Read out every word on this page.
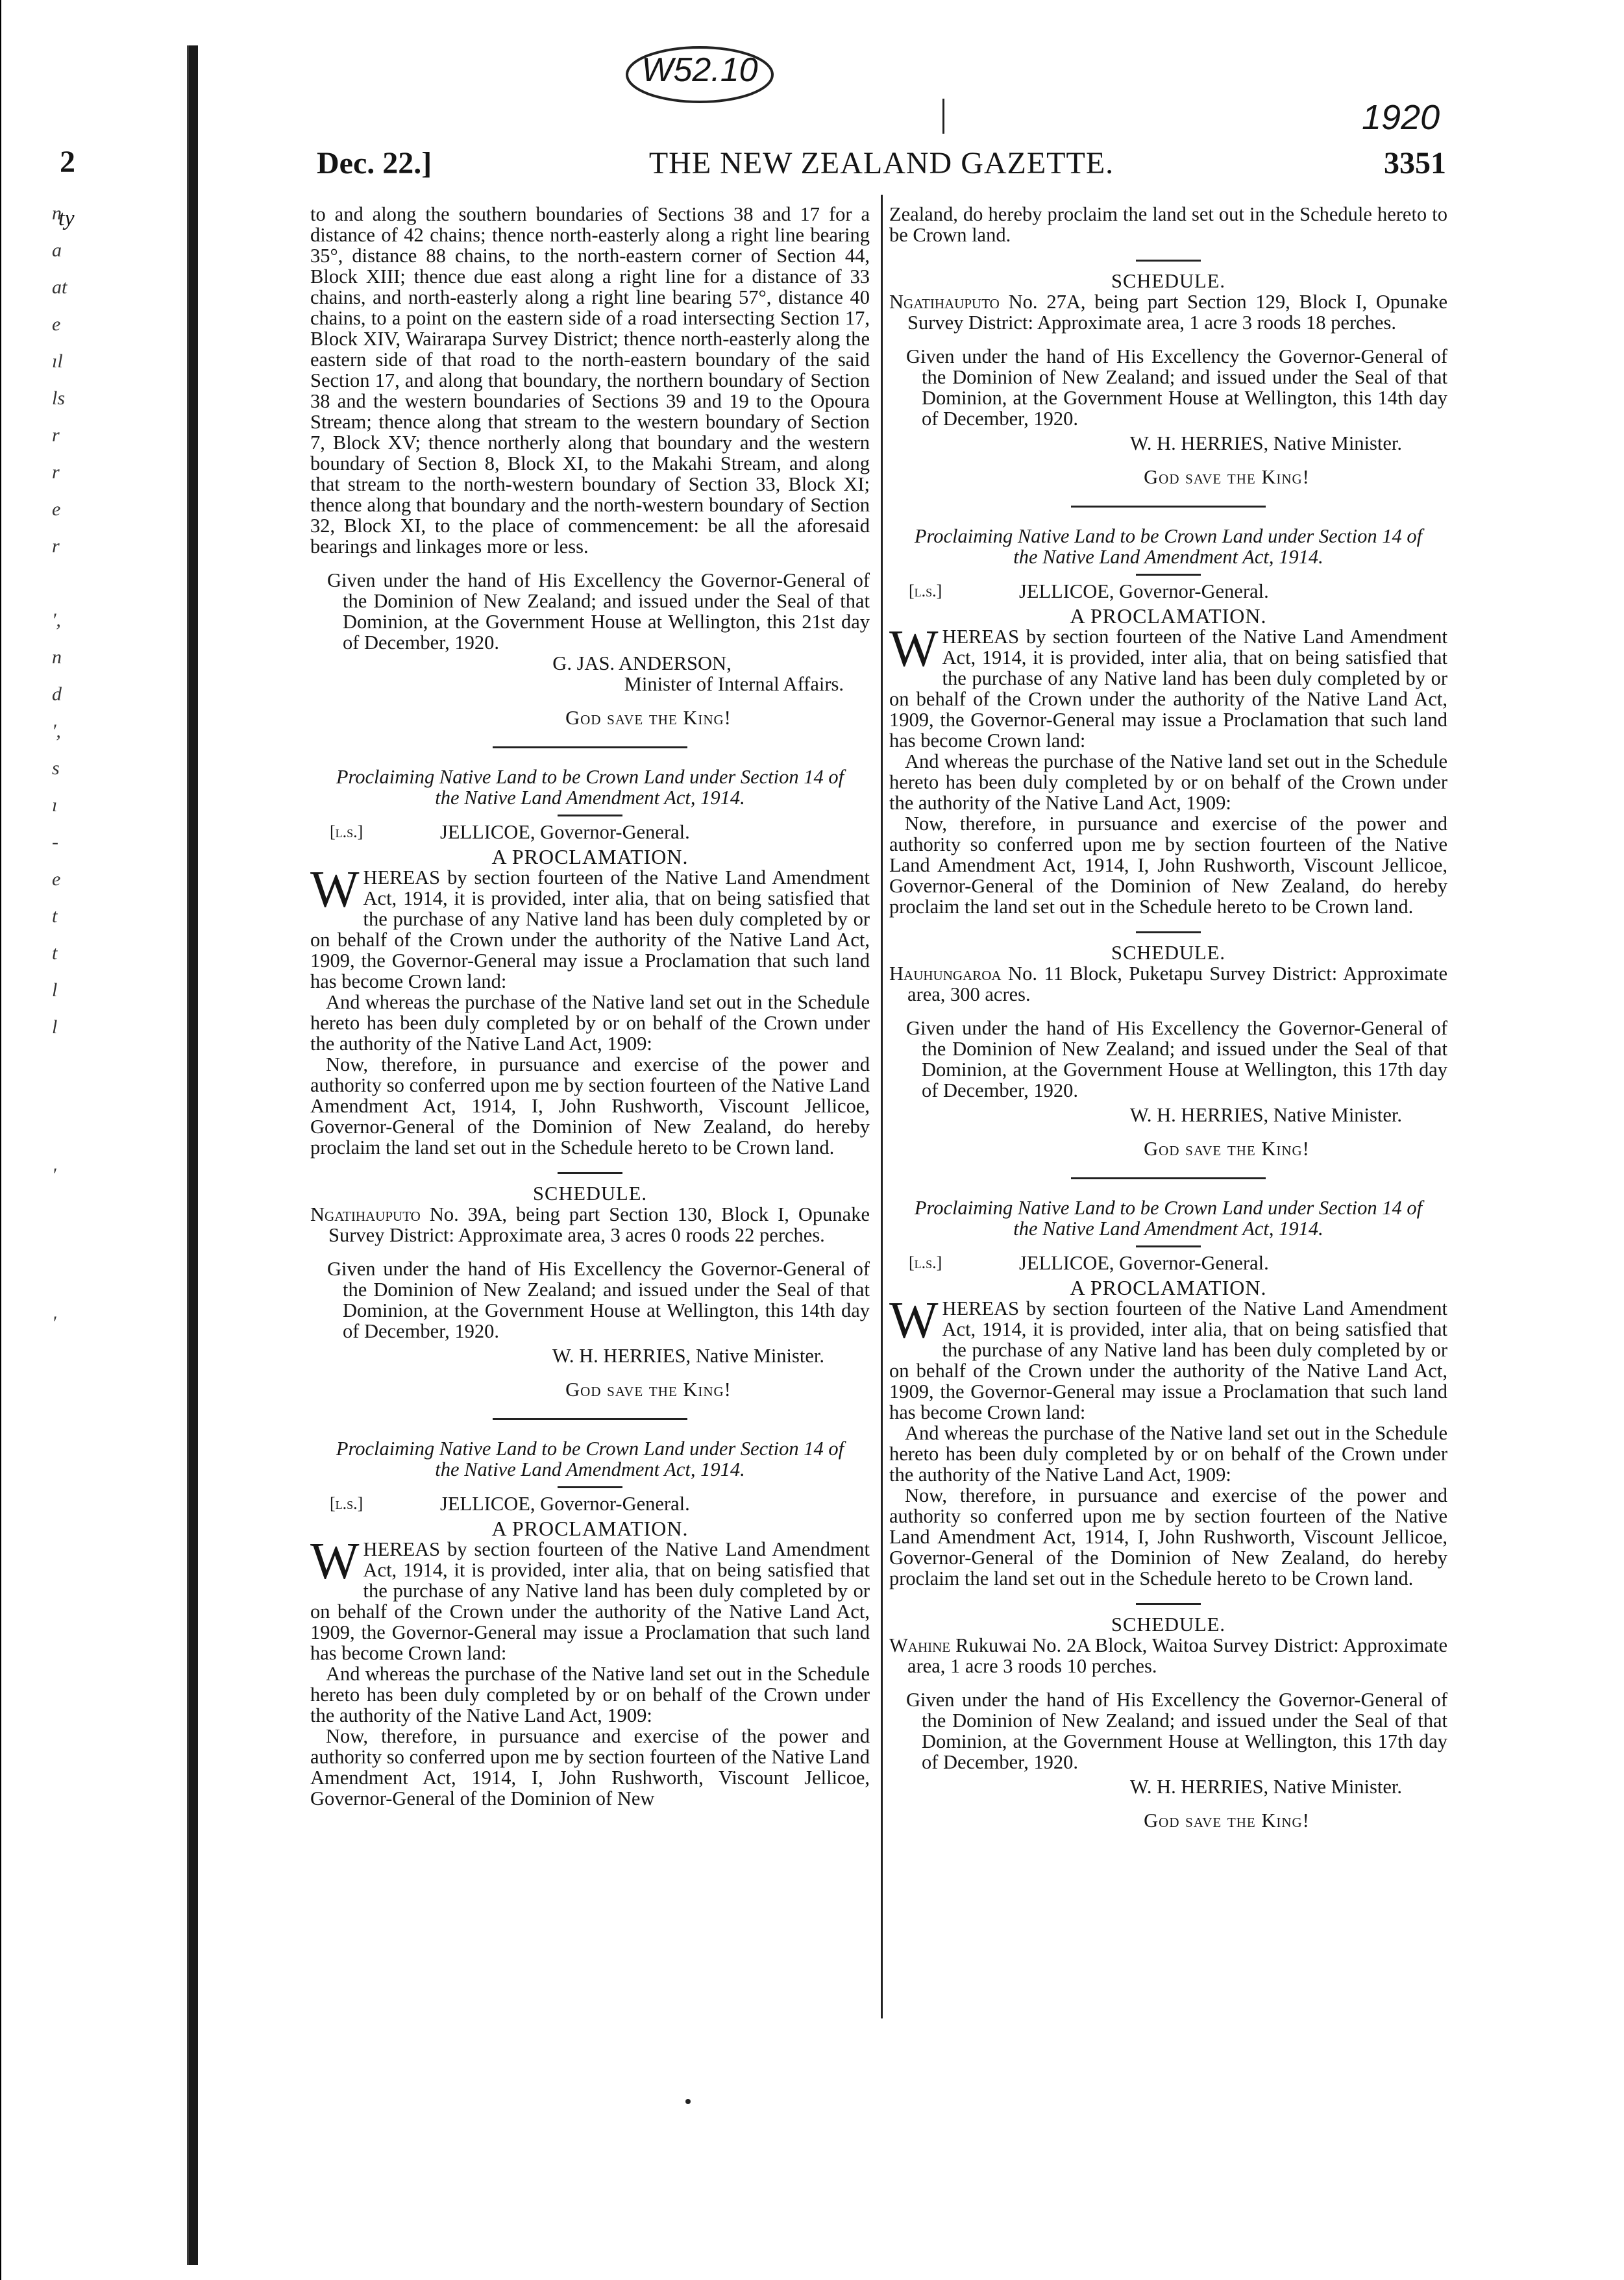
2
ty
n
a
at
e
ıl
ls
r
r
e
r
',
n
d
',
s
ı
-
e
t
t
l
l
'
'
W52.10
1920
THE NEW ZEALAND GAZETTE.
Dec. 22.]	3351

to and along the southern boundaries of Sections 38 and 17 for a distance of 42 chains; thence north-easterly along a right line bearing 35°, distance 88 chains, to the north-eastern corner of Section 44, Block XIII; thence due east along a right line for a distance of 33 chains, and north-easterly along a right line bearing 57°, distance 40 chains, to a point on the eastern side of a road intersecting Section 17, Block XIV, Wairarapa Survey District; thence north-easterly along the eastern side of that road to the north-eastern boundary of the said Section 17, and along that boundary, the northern boundary of Section 38 and the western boundaries of Sections 39 and 19 to the Opoura Stream; thence along that stream to the western boundary of Section 7, Block XV; thence northerly along that boundary and the western boundary of Section 8, Block XI, to the Makahi Stream, and along that stream to the north-western boundary of Section 33, Block XI; thence along that boundary and the north-western boundary of Section 32, Block XI, to the place of commencement: be all the aforesaid bearings and linkages more or less.

Given under the hand of His Excellency the Governor-General of the Dominion of New Zealand; and issued under the Seal of that Dominion, at the Government House at Wellington, this 21st day of December, 1920.

G. JAS. ANDERSON,

Minister of Internal Affairs.

God save the King!

Proclaiming Native Land to be Crown Land under Section 14 of the Native Land Amendment Act, 1914.

[l.s.]	JELLICOE, Governor-General.

A PROCLAMATION.

WHEREAS by section fourteen of the Native Land Amendment Act, 1914, it is provided, inter alia, that on being satisfied that the purchase of any Native land has been duly completed by or on behalf of the Crown under the authority of the Native Land Act, 1909, the Governor-General may issue a Proclamation that such land has become Crown land:

And whereas the purchase of the Native land set out in the Schedule hereto has been duly completed by or on behalf of the Crown under the authority of the Native Land Act, 1909:

Now, therefore, in pursuance and exercise of the power and authority so conferred upon me by section fourteen of the Native Land Amendment Act, 1914, I, John Rushworth, Viscount Jellicoe, Governor-General of the Dominion of New Zealand, do hereby proclaim the land set out in the Schedule hereto to be Crown land.

SCHEDULE.

Ngatihauputo No. 39A, being part Section 130, Block I, Opunake Survey District: Approximate area, 3 acres 0 roods 22 perches.

Given under the hand of His Excellency the Governor-General of the Dominion of New Zealand; and issued under the Seal of that Dominion, at the Government House at Wellington, this 14th day of December, 1920.

W. H. HERRIES, Native Minister.

God save the King!

Proclaiming Native Land to be Crown Land under Section 14 of the Native Land Amendment Act, 1914.

[l.s.]	JELLICOE, Governor-General.

A PROCLAMATION.

WHEREAS by section fourteen of the Native Land Amendment Act, 1914, it is provided, inter alia, that on being satisfied that the purchase of any Native land has been duly completed by or on behalf of the Crown under the authority of the Native Land Act, 1909, the Governor-General may issue a Proclamation that such land has become Crown land:

And whereas the purchase of the Native land set out in the Schedule hereto has been duly completed by or on behalf of the Crown under the authority of the Native Land Act, 1909:

Now, therefore, in pursuance and exercise of the power and authority so conferred upon me by section fourteen of the Native Land Amendment Act, 1914, I, John Rushworth, Viscount Jellicoe, Governor-General of the Dominion of New

Zealand, do hereby proclaim the land set out in the Schedule hereto to be Crown land.

SCHEDULE.

Ngatihauputo No. 27A, being part Section 129, Block I, Opunake Survey District: Approximate area, 1 acre 3 roods 18 perches.

Given under the hand of His Excellency the Governor-General of the Dominion of New Zealand; and issued under the Seal of that Dominion, at the Government House at Wellington, this 14th day of December, 1920.

W. H. HERRIES, Native Minister.

God save the King!

Proclaiming Native Land to be Crown Land under Section 14 of the Native Land Amendment Act, 1914.

[l.s.]	JELLICOE, Governor-General.

A PROCLAMATION.

WHEREAS by section fourteen of the Native Land Amendment Act, 1914, it is provided, inter alia, that on being satisfied that the purchase of any Native land has been duly completed by or on behalf of the Crown under the authority of the Native Land Act, 1909, the Governor-General may issue a Proclamation that such land has become Crown land:

And whereas the purchase of the Native land set out in the Schedule hereto has been duly completed by or on behalf of the Crown under the authority of the Native Land Act, 1909:

Now, therefore, in pursuance and exercise of the power and authority so conferred upon me by section fourteen of the Native Land Amendment Act, 1914, I, John Rushworth, Viscount Jellicoe, Governor-General of the Dominion of New Zealand, do hereby proclaim the land set out in the Schedule hereto to be Crown land.

SCHEDULE.

Hauhungaroa No. 11 Block, Puketapu Survey District: Approximate area, 300 acres.

Given under the hand of His Excellency the Governor-General of the Dominion of New Zealand; and issued under the Seal of that Dominion, at the Government House at Wellington, this 17th day of December, 1920.

W. H. HERRIES, Native Minister.

God save the King!

Proclaiming Native Land to be Crown Land under Section 14 of the Native Land Amendment Act, 1914.

[l.s.]	JELLICOE, Governor-General.

A PROCLAMATION.

WHEREAS by section fourteen of the Native Land Amendment Act, 1914, it is provided, inter alia, that on being satisfied that the purchase of any Native land has been duly completed by or on behalf of the Crown under the authority of the Native Land Act, 1909, the Governor-General may issue a Proclamation that such land has become Crown land:

And whereas the purchase of the Native land set out in the Schedule hereto has been duly completed by or on behalf of the Crown under the authority of the Native Land Act, 1909:

Now, therefore, in pursuance and exercise of the power and authority so conferred upon me by section fourteen of the Native Land Amendment Act, 1914, I, John Rushworth, Viscount Jellicoe, Governor-General of the Dominion of New Zealand, do hereby proclaim the land set out in the Schedule hereto to be Crown land.

SCHEDULE.

Wahine Rukuwai No. 2A Block, Waitoa Survey District: Approximate area, 1 acre 3 roods 10 perches.

Given under the hand of His Excellency the Governor-General of the Dominion of New Zealand; and issued under the Seal of that Dominion, at the Government House at Wellington, this 17th day of December, 1920.

W. H. HERRIES, Native Minister.

God save the King!
